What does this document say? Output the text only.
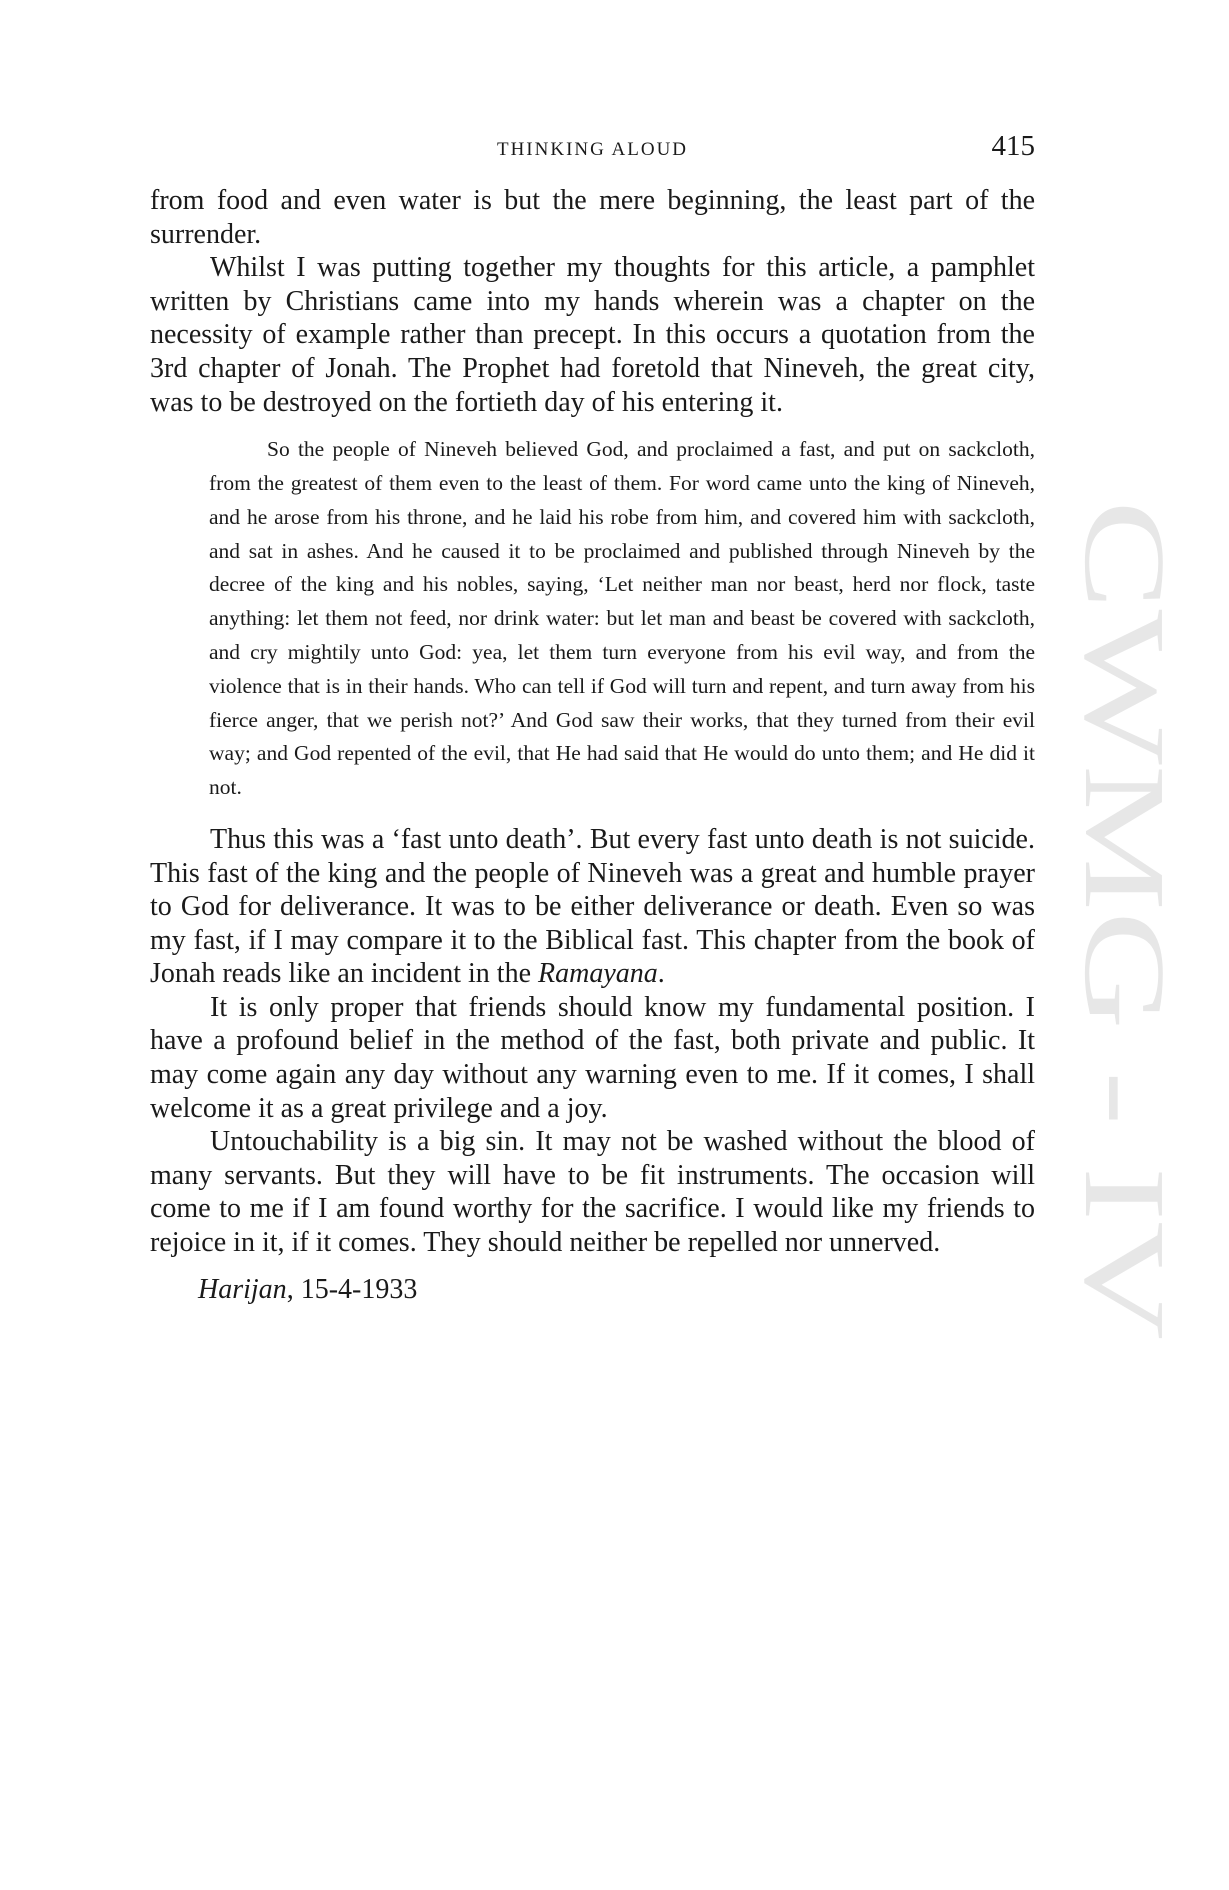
CWMG - IV
THINKING ALOUD	415

from food and even water is but the mere beginning, the least part of the surrender.

Whilst I was putting together my thoughts for this article, a pamphlet written by Christians came into my hands wherein was a chapter on the necessity of example rather than precept. In this occurs a quotation from the 3rd chapter of Jonah. The Prophet had foretold that Nineveh, the great city, was to be destroyed on the fortieth day of his entering it.

So the people of Nineveh believed God, and proclaimed a fast, and put on sackcloth, from the greatest of them even to the least of them. For word came unto the king of Nineveh, and he arose from his throne, and he laid his robe from him, and covered him with sackcloth, and sat in ashes. And he caused it to be proclaimed and published through Nineveh by the decree of the king and his nobles, saying, ‘Let neither man nor beast, herd nor flock, taste anything: let them not feed, nor drink water: but let man and beast be covered with sackcloth, and cry mightily unto God: yea, let them turn everyone from his evil way, and from the violence that is in their hands. Who can tell if God will turn and repent, and turn away from his fierce anger, that we perish not?’ And God saw their works, that they turned from their evil way; and God repented of the evil, that He had said that He would do unto them; and He did it not.

Thus this was a ‘fast unto death’. But every fast unto death is not suicide. This fast of the king and the people of Nineveh was a great and humble prayer to God for deliverance. It was to be either deliverance or death. Even so was my fast, if I may compare it to the Biblical fast. This chapter from the book of Jonah reads like an incident in the Ramayana.

It is only proper that friends should know my fundamental position. I have a profound belief in the method of the fast, both private and public. It may come again any day without any warning even to me. If it comes, I shall welcome it as a great privilege and a joy.

Untouchability is a big sin. It may not be washed without the blood of many servants. But they will have to be fit instruments. The occasion will come to me if I am found worthy for the sacrifice. I would like my friends to rejoice in it, if it comes. They should neither be repelled nor unnerved.

Harijan, 15-4-1933
